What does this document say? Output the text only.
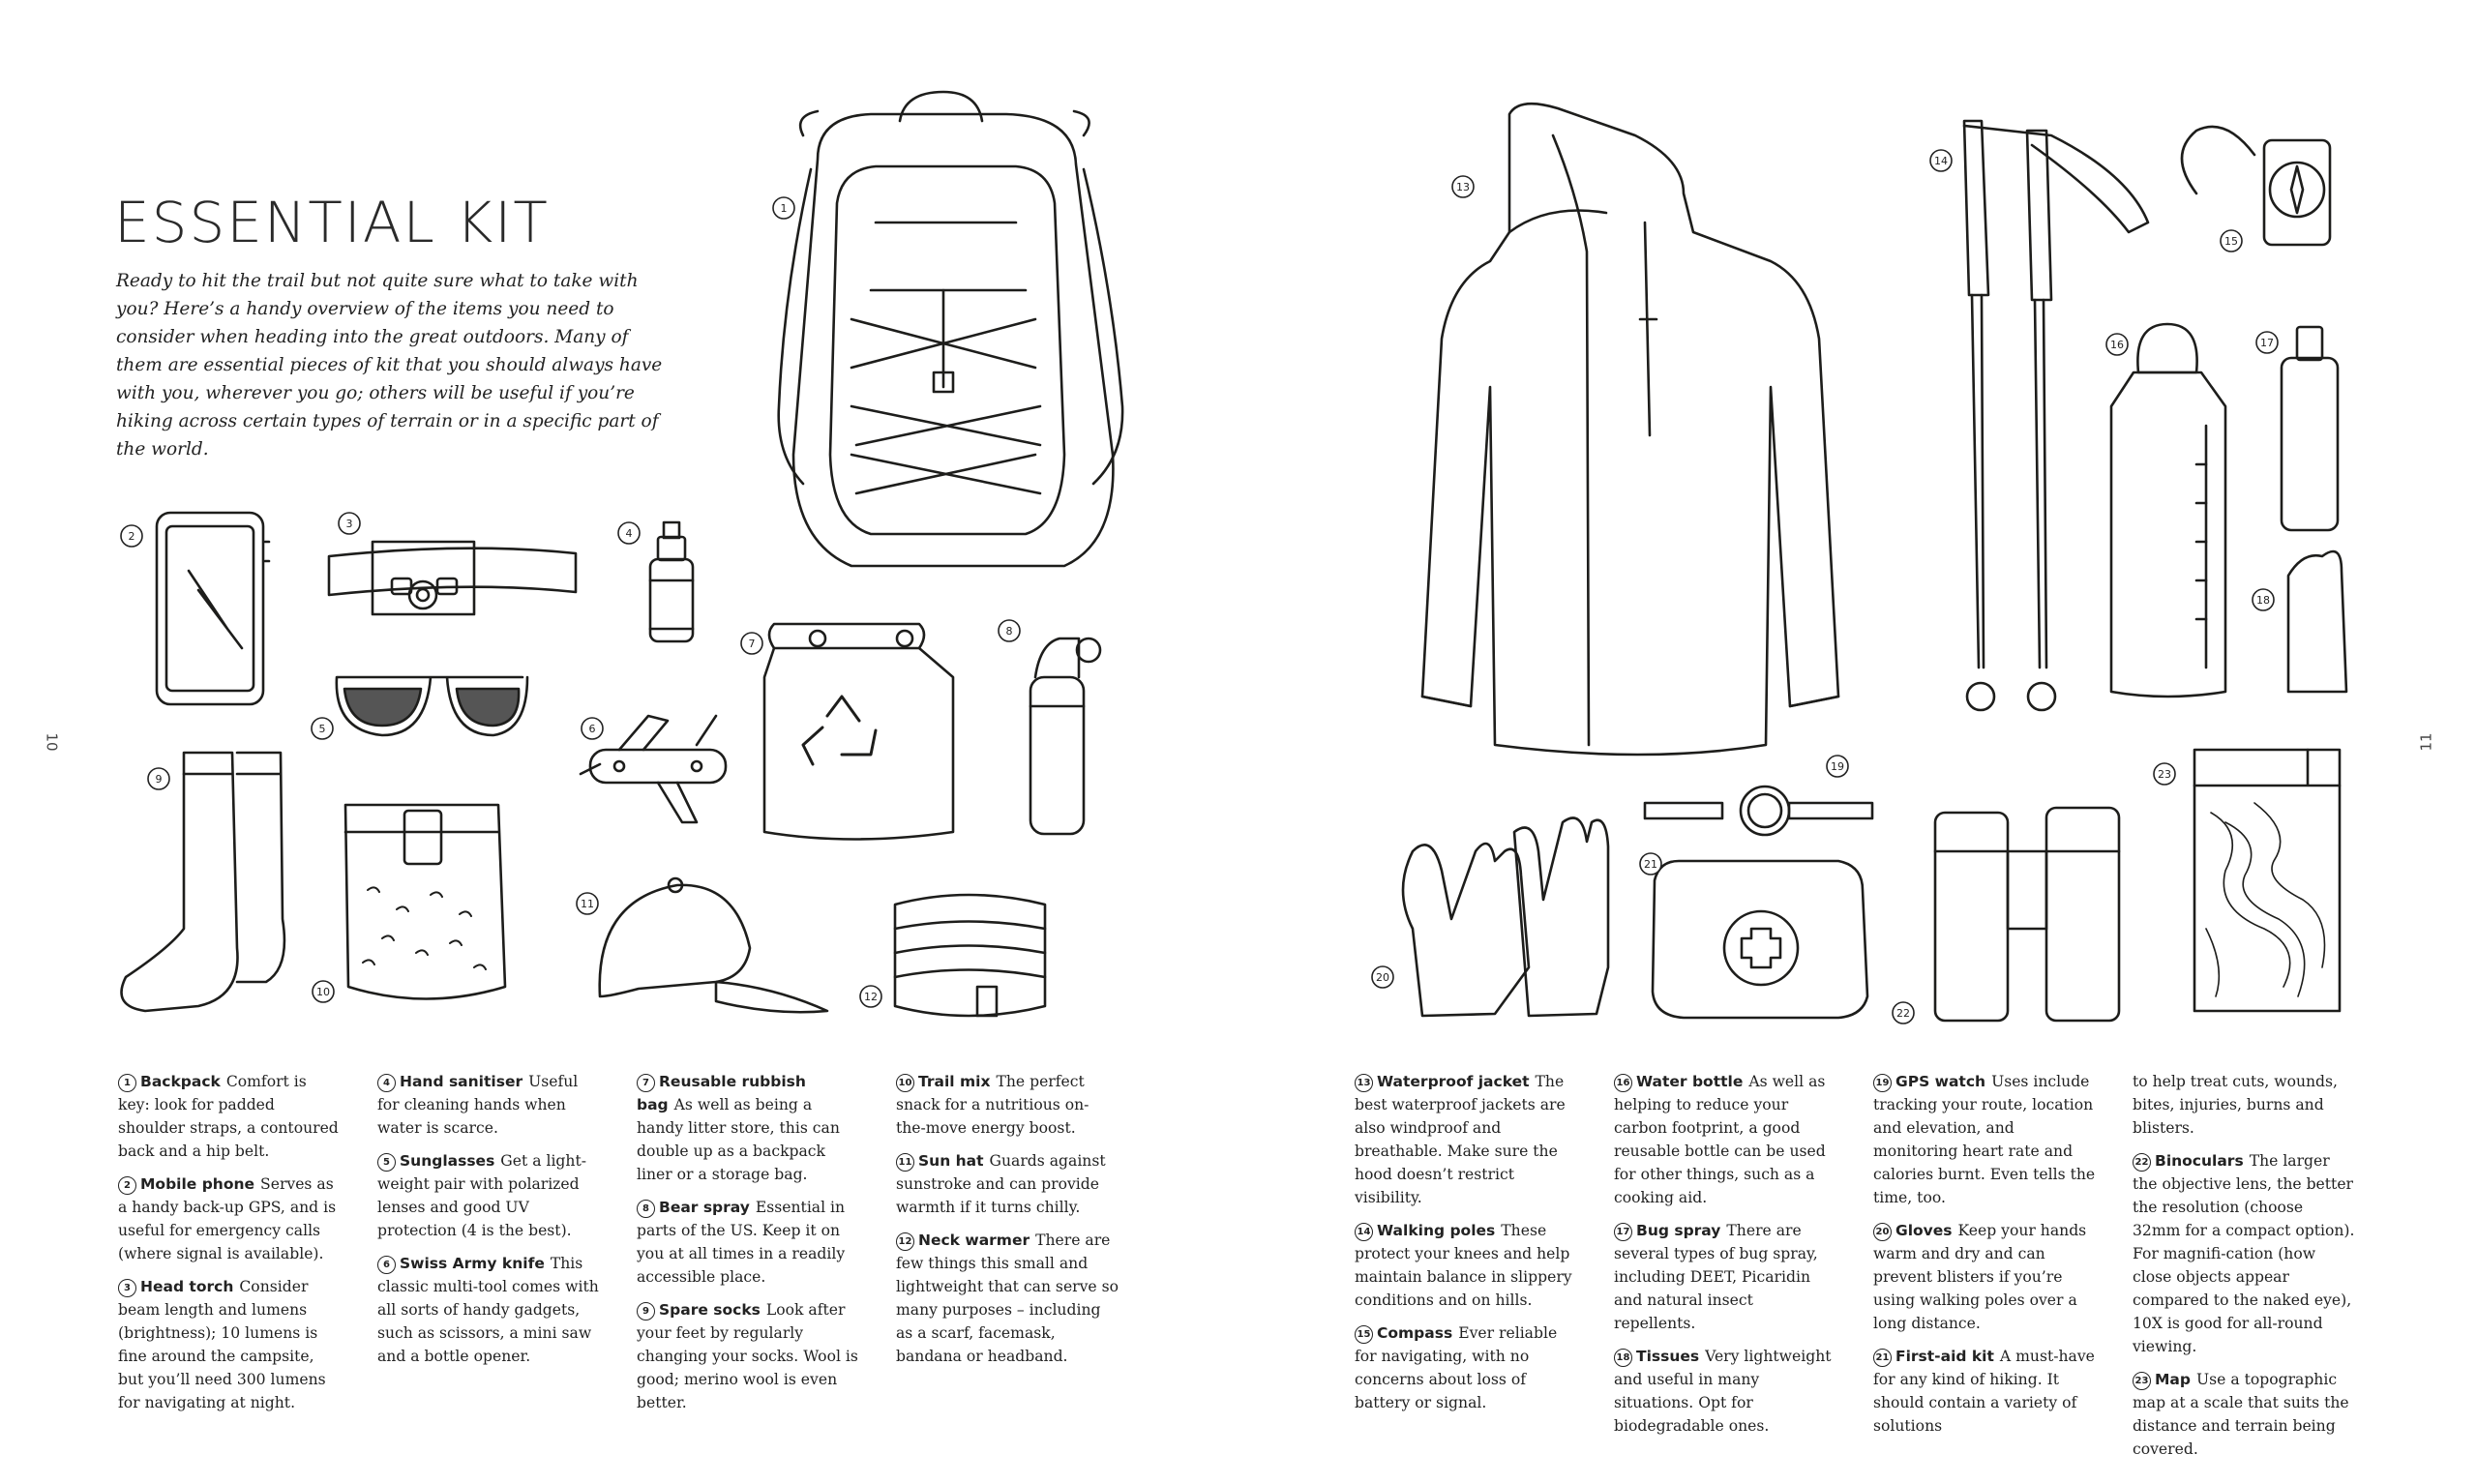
1
2
3
4
5	6
7
8
9
10
11
12
13
14
15
16	17
18
19
20
21
22
23
ESSENTIAL KIT
Ready to hit the trail but not quite sure what to take with you? Here’s a handy overview of the items you need to consider when heading into the great outdoors. Many of them are essential pieces of kit that you should always have with you, wherever you go; others will be useful if you’re hiking across certain types of terrain or in a specific part of the world.
10	11
1 Backpack Comfort is key: look for padded shoulder straps, a contoured back and a hip belt.
2 Mobile phone Serves as a handy back-up GPS, and is useful for emergency calls (where signal is available).
3 Head torch Consider beam length and lumens (brightness); 10 lumens is fine around the campsite, but you’ll need 300 lumens for navigating at night.
4 Hand sanitiser Useful for cleaning hands when water is scarce.
5 Sunglasses Get a light-weight pair with polarized lenses and good UV protection (4 is the best).
6 Swiss Army knife This classic multi-tool comes with all sorts of handy gadgets, such as scissors, a mini saw and a bottle opener.
7 Reusable rubbish bag As well as being a handy litter store, this can double up as a backpack liner or a storage bag.
8 Bear spray Essential in parts of the US. Keep it on you at all times in a readily accessible place.
9 Spare socks Look after your feet by regularly changing your socks. Wool is good; merino wool is even better.
10 Trail mix The perfect snack for a nutritious on-the-move energy boost.
11 Sun hat Guards against sunstroke and can provide warmth if it turns chilly.
12 Neck warmer There are few things this small and lightweight that can serve so many purposes – including as a scarf, facemask, bandana or headband.
13 Waterproof jacket The best waterproof jackets are also windproof and breathable. Make sure the hood doesn’t restrict visibility.
14 Walking poles These protect your knees and help maintain balance in slippery conditions and on hills.
15 Compass Ever reliable for navigating, with no concerns about loss of battery or signal.
16 Water bottle As well as helping to reduce your carbon footprint, a good reusable bottle can be used for other things, such as a cooking aid.
17 Bug spray There are several types of bug spray, including DEET, Picaridin and natural insect repellents.
18 Tissues Very lightweight and useful in many situations. Opt for biodegradable ones.
19 GPS watch Uses include tracking your route, location and elevation, and monitoring heart rate and calories burnt. Even tells the time, too.
20 Gloves Keep your hands warm and dry and can prevent blisters if you’re using walking poles over a long distance.
21 First-aid kit A must-have for any kind of hiking. It should contain a variety of solutions
to help treat cuts, wounds, bites, injuries, burns and blisters.
22 Binoculars The larger the objective lens, the better the resolution (choose 32mm for a compact option). For magnifi-cation (how close objects appear compared to the naked eye), 10X is good for all-round viewing.
23 Map Use a topographic map at a scale that suits the distance and terrain being covered.
